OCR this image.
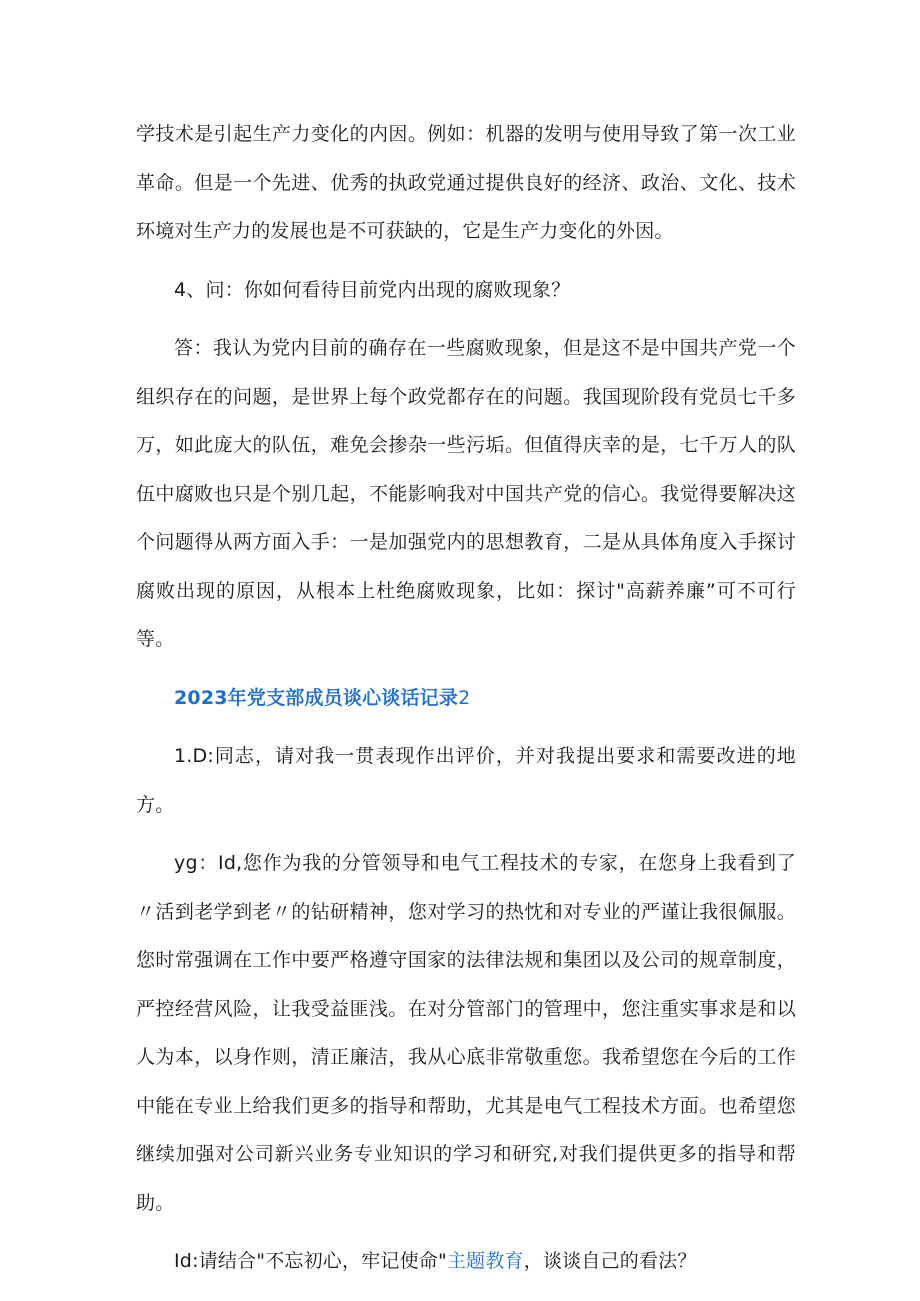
学技术是引起生产力变化的内因。例如：机器的发明与使用导致了第一次工业革命。但是一个先进、优秀的执政党通过提供良好的经济、政治、文化、技术环境对生产力的发展也是不可获缺的，它是生产力变化的外因。

4、问：你如何看待目前党内出现的腐败现象？

答：我认为党内目前的确存在一些腐败现象，但是这不是中国共产党一个组织存在的问题，是世界上每个政党都存在的问题。我国现阶段有党员七千多万，如此庞大的队伍，难免会掺杂一些污垢。但值得庆幸的是，七千万人的队伍中腐败也只是个别几起，不能影响我对中国共产党的信心。我觉得要解决这个问题得从两方面入手：一是加强党内的思想教育，二是从具体角度入手探讨腐败出现的原因，从根本上杜绝腐败现象，比如：探讨"高薪养廉”可不可行等。

2023年党支部成员谈心谈话记录2

1.D:同志，请对我一贯表现作出评价，并对我提出要求和需要改进的地方。

yg：Id,您作为我的分管领导和电气工程技术的专家，在您身上我看到了〃活到老学到老〃的钻研精神，您对学习的热忱和对专业的严谨让我很佩服。您时常强调在工作中要严格遵守国家的法律法规和集团以及公司的规章制度，严控经营风险，让我受益匪浅。在对分管部门的管理中，您注重实事求是和以人为本，以身作则，清正廉洁，我从心底非常敬重您。我希望您在今后的工作中能在专业上给我们更多的指导和帮助，尤其是电气工程技术方面。也希望您继续加强对公司新兴业务专业知识的学习和研究,对我们提供更多的指导和帮助。

Id:请结合"不忘初心，牢记使命"主题教育，谈谈自己的看法？
